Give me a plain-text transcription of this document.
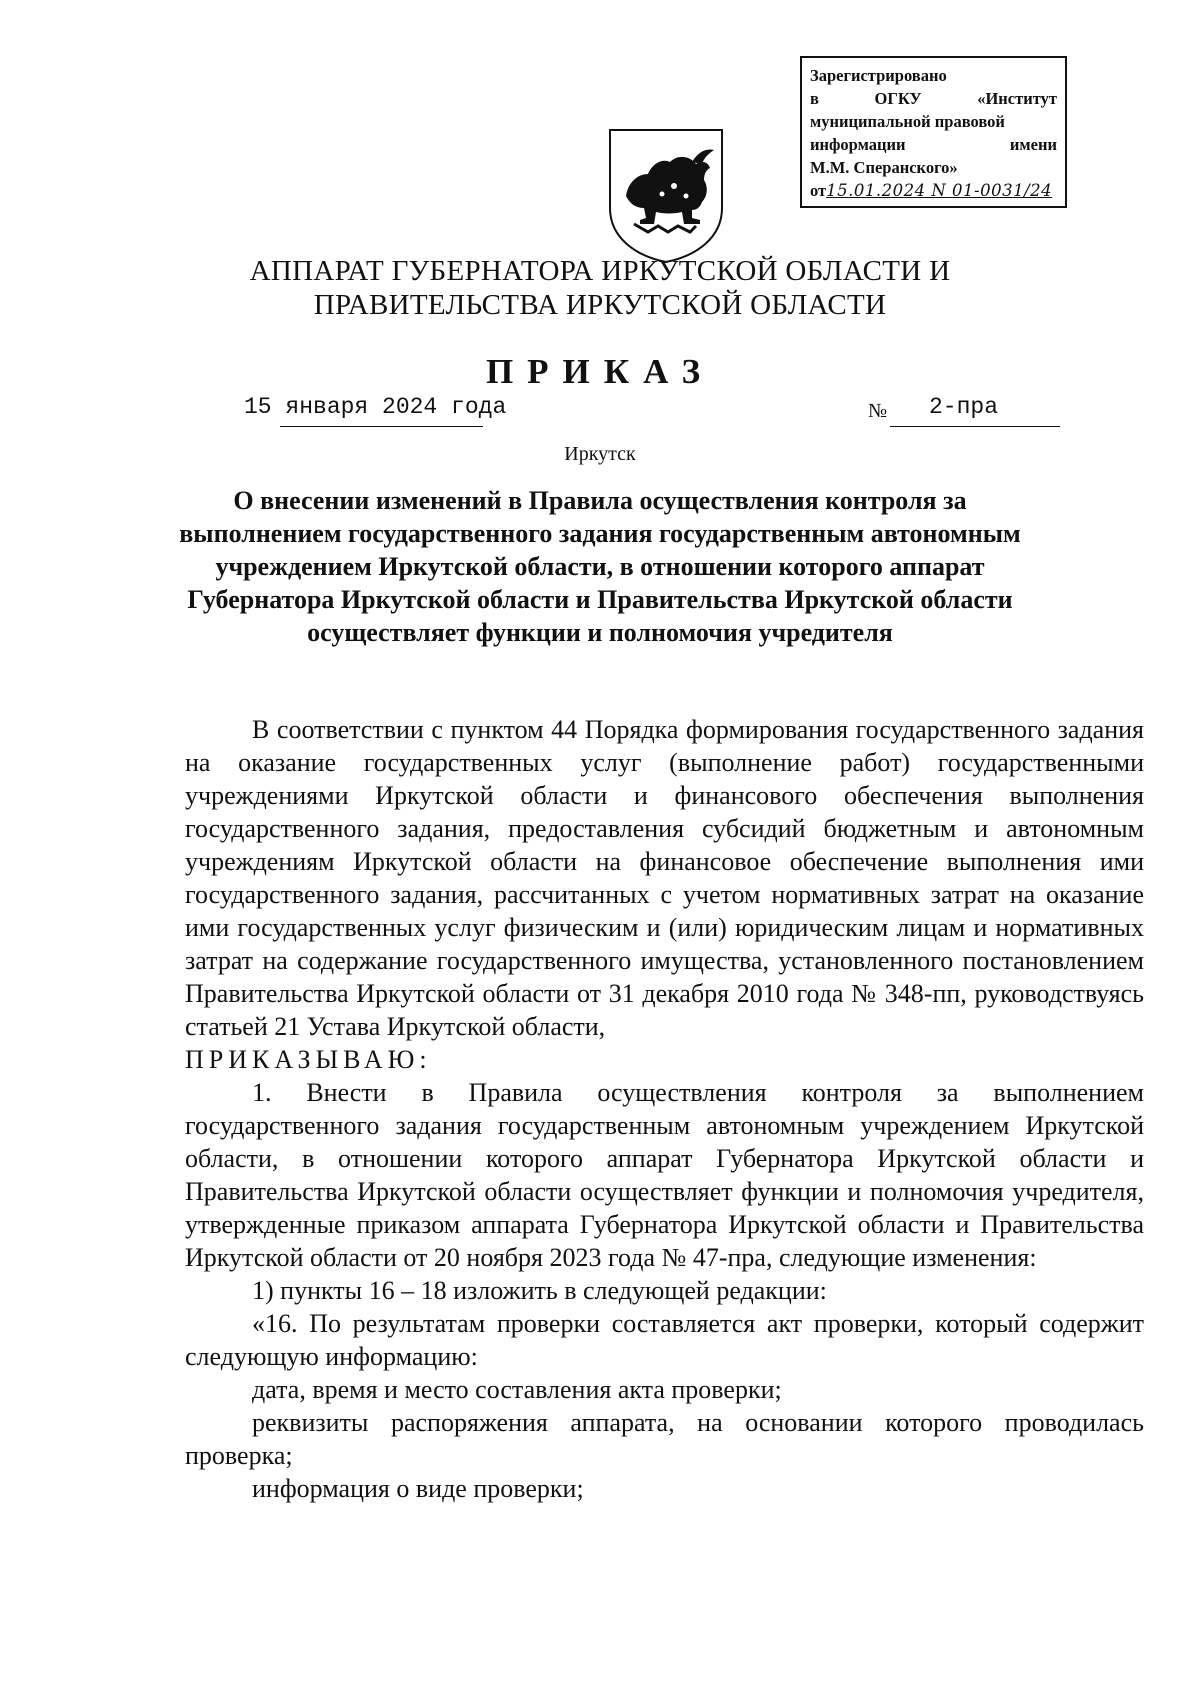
Зарегистрировано
в	ОГКУ	«Институт
муниципальной правовой
информации	имени
М.М. Сперанского»
от15.01.2024 N 01-0031/24
АППАРАТ ГУБЕРНАТОРА ИРКУТСКОЙ ОБЛАСТИ И
ПРАВИТЕЛЬСТВА ИРКУТСКОЙ ОБЛАСТИ
ПРИКАЗ
15 января 2024 года	№ 2-пра
Иркутск
О внесении изменений в Правила осуществления контроля за выполнением государственного задания государственным автономным учреждением Иркутской области, в отношении которого аппарат Губернатора Иркутской области и Правительства Иркутской области осуществляет функции и полномочия учредителя

В соответствии с пунктом 44 Порядка формирования государственного задания на оказание государственных услуг (выполнение работ) государственными учреждениями Иркутской области и финансового обеспечения выполнения государственного задания, предоставления субсидий бюджетным и автономным учреждениям Иркутской области на финансовое обеспечение выполнения ими государственного задания, рассчитанных с учетом нормативных затрат на оказание ими государственных услуг физическим и (или) юридическим лицам и нормативных затрат на содержание государственного имущества, установленного постановлением Правительства Иркутской области от 31 декабря 2010 года № 348-пп, руководствуясь статьей 21 Устава Иркутской области,

ПРИКАЗЫВАЮ:

1. Внести в Правила осуществления контроля за выполнением государственного задания государственным автономным учреждением Иркутской области, в отношении которого аппарат Губернатора Иркутской области и Правительства Иркутской области осуществляет функции и полномочия учредителя, утвержденные приказом аппарата Губернатора Иркутской области и Правительства Иркутской области от 20 ноября 2023 года № 47-пра, следующие изменения:

1) пункты 16 – 18 изложить в следующей редакции:

«16. По результатам проверки составляется акт проверки, который содержит следующую информацию:

дата, время и место составления акта проверки;

реквизиты распоряжения аппарата, на основании которого проводилась проверка;

информация о виде проверки;
